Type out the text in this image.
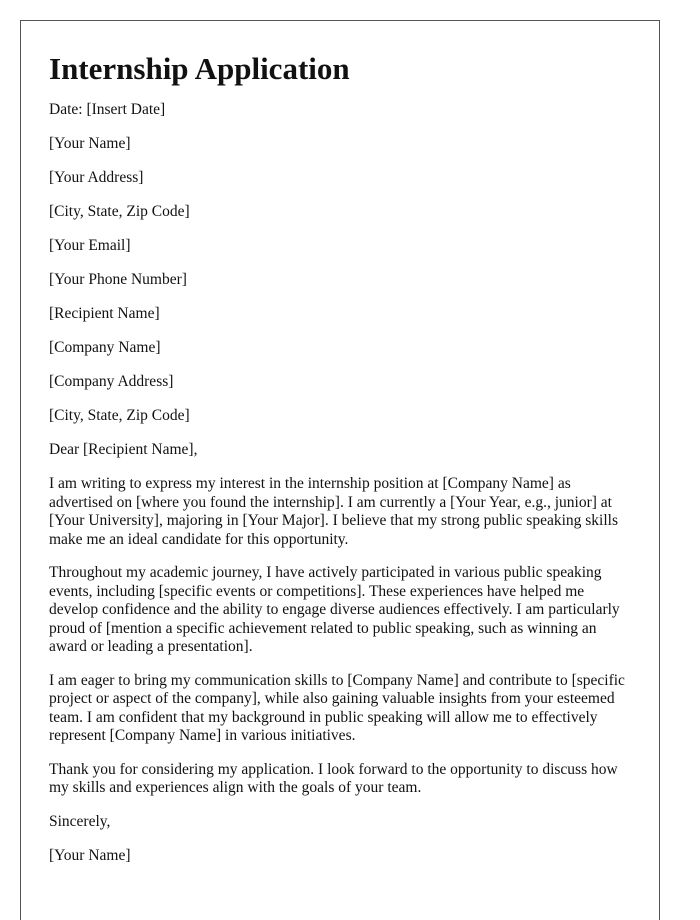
Internship Application

Date: [Insert Date]

[Your Name]

[Your Address]

[City, State, Zip Code]

[Your Email]

[Your Phone Number]

[Recipient Name]

[Company Name]

[Company Address]

[City, State, Zip Code]

Dear [Recipient Name],

I am writing to express my interest in the internship position at [Company Name] as advertised on [where you found the internship]. I am currently a [Your Year, e.g., junior] at [Your University], majoring in [Your Major]. I believe that my strong public speaking skills make me an ideal candidate for this opportunity.

Throughout my academic journey, I have actively participated in various public speaking events, including [specific events or competitions]. These experiences have helped me develop confidence and the ability to engage diverse audiences effectively. I am particularly proud of [mention a specific achievement related to public speaking, such as winning an award or leading a presentation].

I am eager to bring my communication skills to [Company Name] and contribute to [specific project or aspect of the company], while also gaining valuable insights from your esteemed team. I am confident that my background in public speaking will allow me to effectively represent [Company Name] in various initiatives.

Thank you for considering my application. I look forward to the opportunity to discuss how my skills and experiences align with the goals of your team.

Sincerely,

[Your Name]
